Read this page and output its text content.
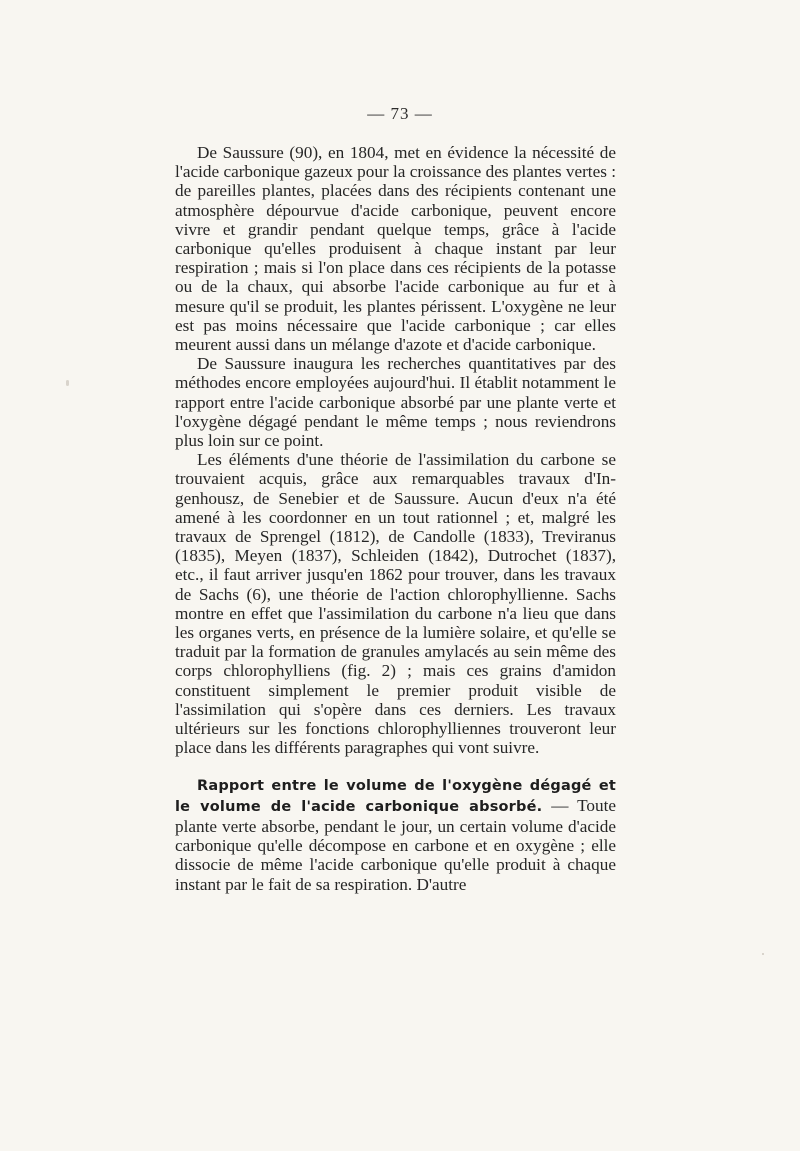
— 73 —

De Saussure (90), en 1804, met en évidence la nécessité de l'acide carbonique gazeux pour la croissance des plantes vertes : de pareilles plantes, placées dans des récipients contenant une atmosphère dépourvue d'acide carbonique, peuvent encore vivre et grandir pendant quelque temps, grâce à l'acide carbonique qu'elles produisent à chaque instant par leur respiration ; mais si l'on place dans ces récipients de la potasse ou de la chaux, qui absorbe l'acide carbonique au fur et à mesure qu'il se produit, les plantes périssent. L'oxygène ne leur est pas moins nécessaire que l'acide carbonique ; car elles meurent aussi dans un mélange d'azote et d'acide carbonique.

De Saussure inaugura les recherches quantitatives par des méthodes encore employées aujourd'hui. Il établit notamment le rapport entre l'acide carbonique absorbé par une plante verte et l'oxygène dégagé pendant le même temps ; nous reviendrons plus loin sur ce point.

Les éléments d'une théorie de l'assimilation du carbone se trouvaient acquis, grâce aux remarquables travaux d'Ingenhousz, de Senebier et de Saussure. Aucun d'eux n'a été amené à les coordonner en un tout rationnel ; et, malgré les travaux de Sprengel (1812), de Candolle (1833), Treviranus (1835), Meyen (1837), Schleiden (1842), Dutrochet (1837), etc., il faut arriver jusqu'en 1862 pour trouver, dans les travaux de Sachs (6), une théorie de l'action chlorophyllienne. Sachs montre en effet que l'assimilation du carbone n'a lieu que dans les organes verts, en présence de la lumière solaire, et qu'elle se traduit par la formation de granules amylacés au sein même des corps chlorophylliens (fig. 2) ; mais ces grains d'amidon constituent simplement le premier produit visible de l'assimilation qui s'opère dans ces derniers. Les travaux ultérieurs sur les fonctions chlorophylliennes trouveront leur place dans les différents paragraphes qui vont suivre.

Rapport entre le volume de l'oxygène dégagé et le volume de l'acide carbonique absorbé. — Toute plante verte absorbe, pendant le jour, un certain volume d'acide carbonique qu'elle décompose en carbone et en oxygène ; elle dissocie de même l'acide carbonique qu'elle produit à chaque instant par le fait de sa respiration. D'autre
